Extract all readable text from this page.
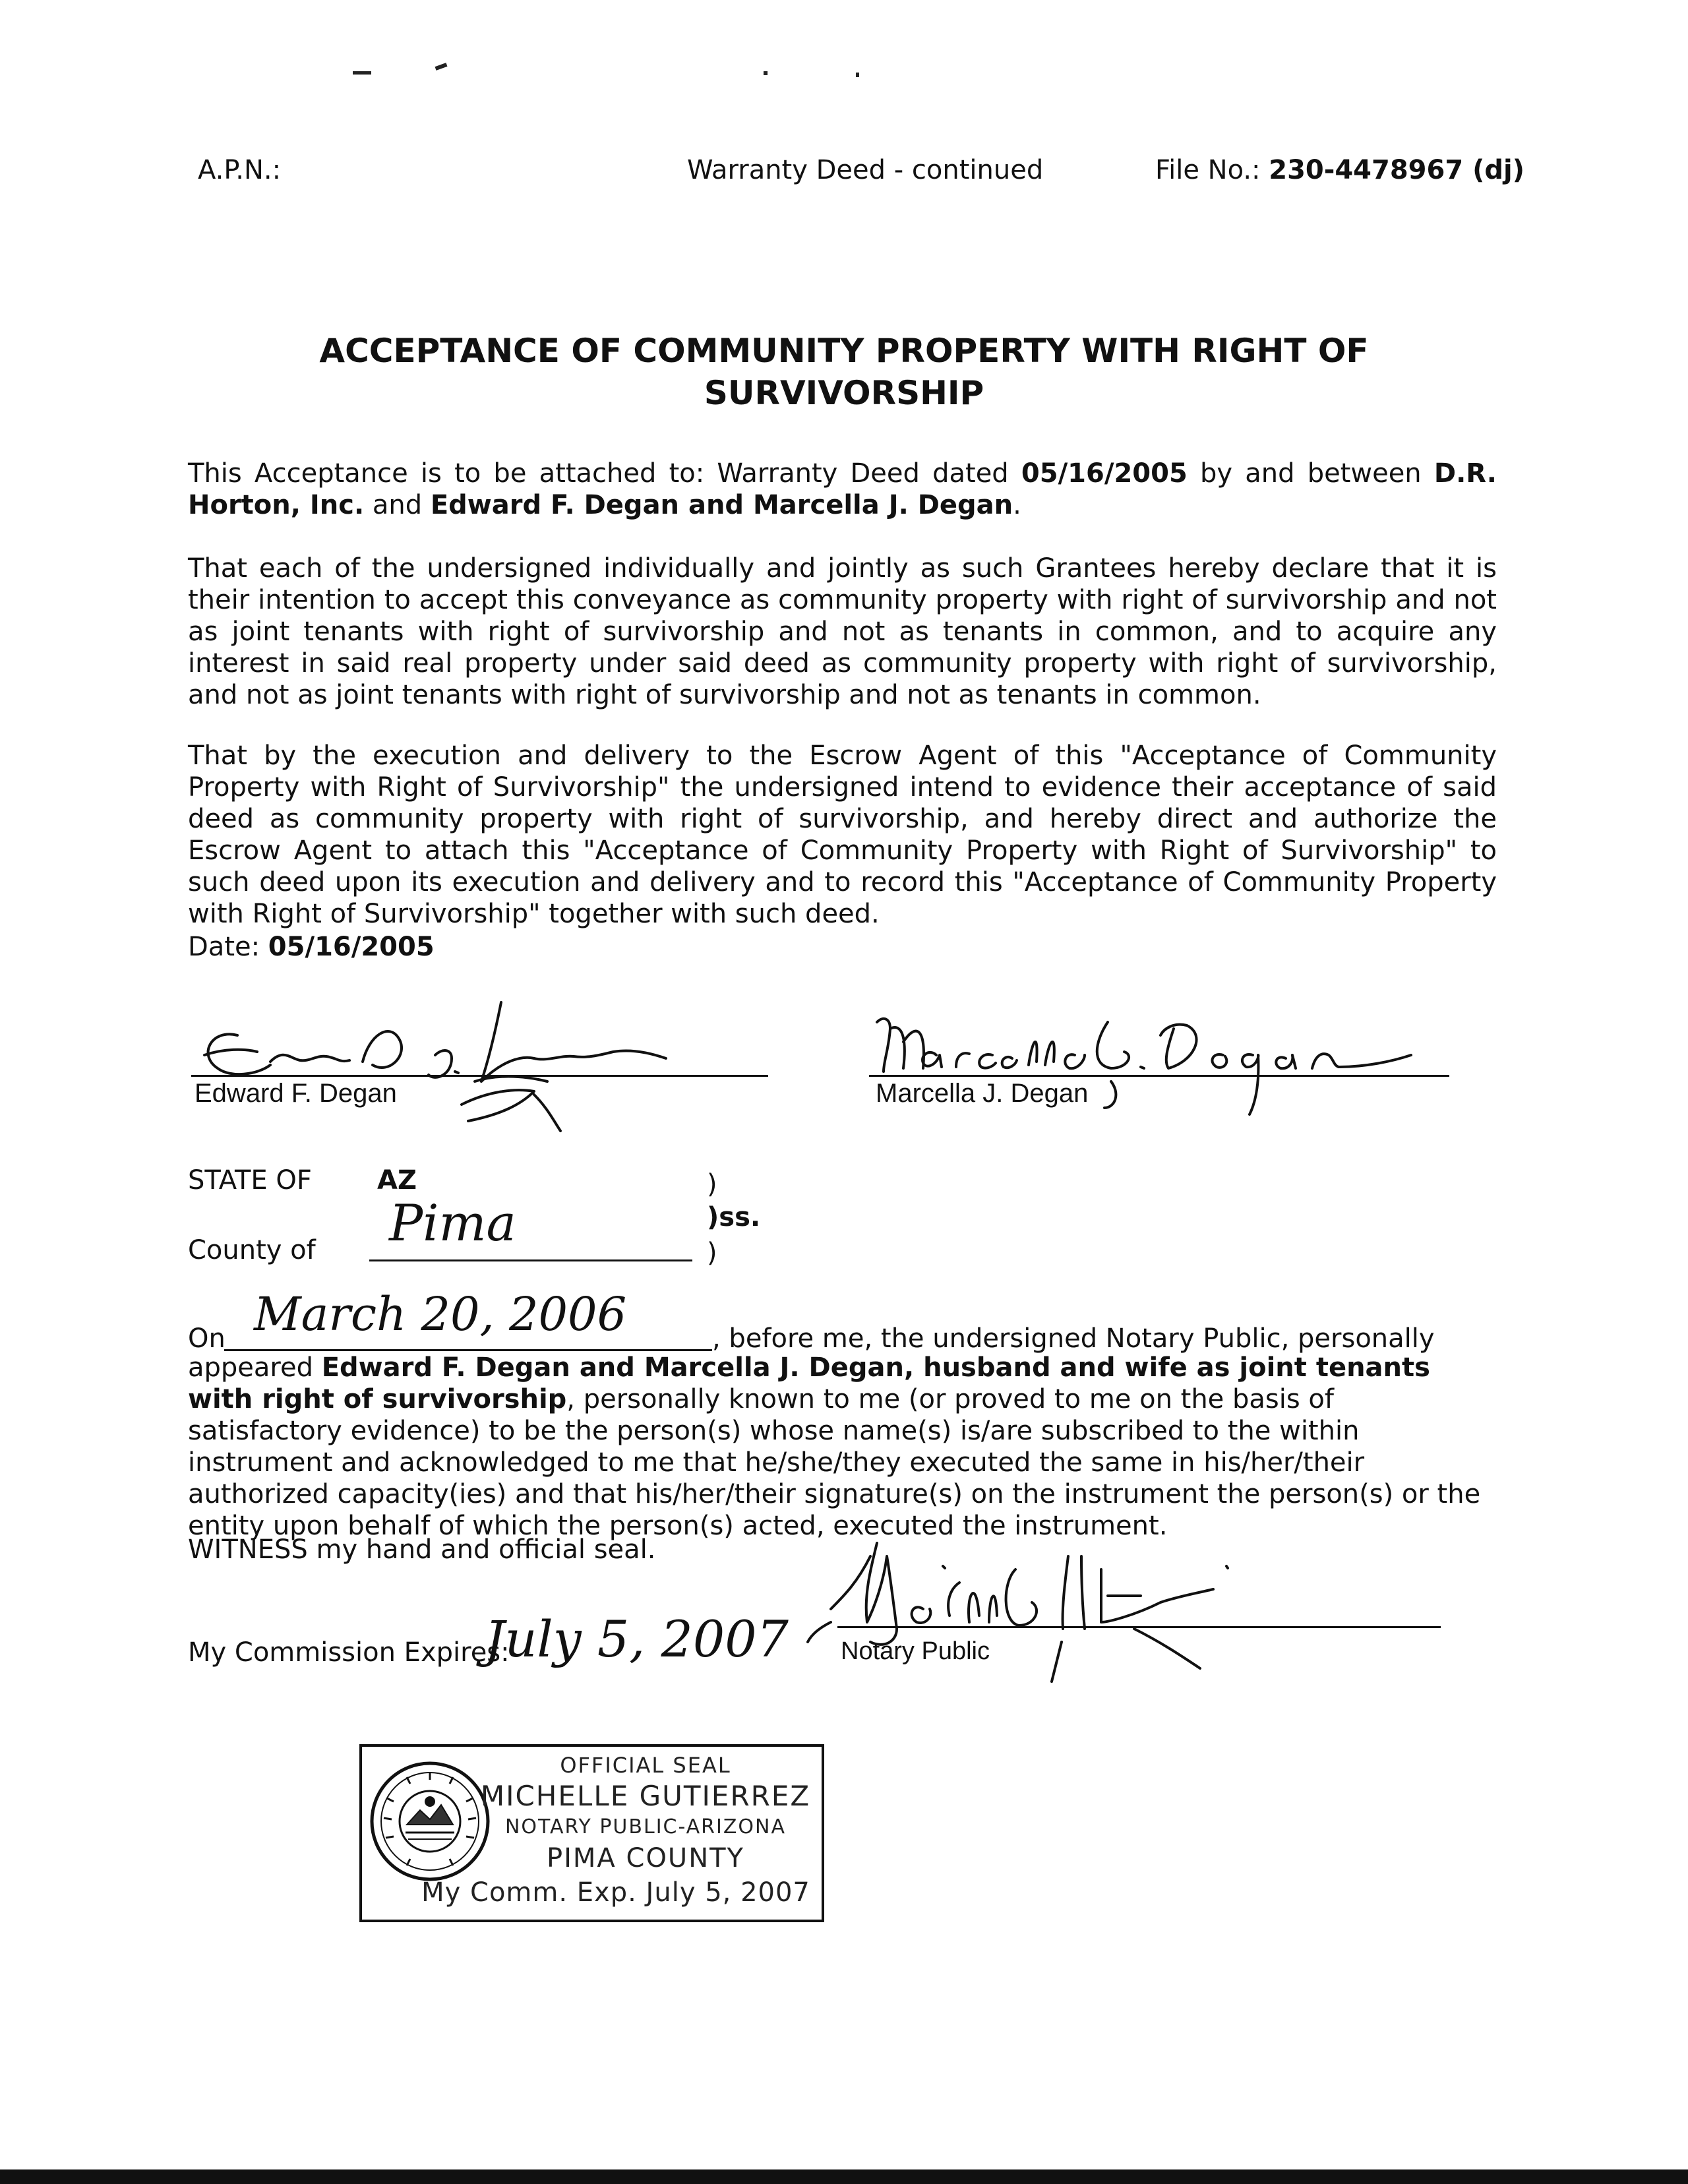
A.P.N.:	Warranty Deed - continued	File No.: 230-4478967 (dj)
ACCEPTANCE OF COMMUNITY PROPERTY WITH RIGHT OF
SURVIVORSHIP
This Acceptance is to be attached to: Warranty Deed dated 05/16/2005 by and between D.R. Horton, Inc. and Edward F. Degan and Marcella J. Degan.
That each of the undersigned individually and jointly as such Grantees hereby declare that it is their intention to accept this conveyance as community property with right of survivorship and not as joint tenants with right of survivorship and not as tenants in common, and to acquire any interest in said real property under said deed as community property with right of survivorship, and not as joint tenants with right of survivorship and not as tenants in common.
That by the execution and delivery to the Escrow Agent of this "Acceptance of Community Property with Right of Survivorship" the undersigned intend to evidence their acceptance of said deed as community property with right of survivorship, and hereby direct and authorize the Escrow Agent to attach this "Acceptance of Community Property with Right of Survivorship" to such deed upon its execution and delivery and to record this "Acceptance of Community Property with Right of Survivorship" together with such deed.
Date: 05/16/2005
Edward F. Degan	Marcella J. Degan
STATE OF AZ	)
)ss.
County of	)
Pima
On March 20, 2006	, before me, the undersigned Notary Public, personally
appeared Edward F. Degan and Marcella J. Degan, husband and wife as joint tenants with right of survivorship, personally known to me (or proved to me on the basis of satisfactory evidence) to be the person(s) whose name(s) is/are subscribed to the within instrument and acknowledged to me that he/she/they executed the same in his/her/their authorized capacity(ies) and that his/her/their signature(s) on the instrument the person(s) or the entity upon behalf of which the person(s) acted, executed the instrument.
WITNESS my hand and official seal.
My Commission Expires:
July 5, 2007 Notary Public
OFFICIAL SEAL
MICHELLE GUTIERREZ
NOTARY PUBLIC-ARIZONA
PIMA COUNTY
My Comm. Exp. July 5, 2007
